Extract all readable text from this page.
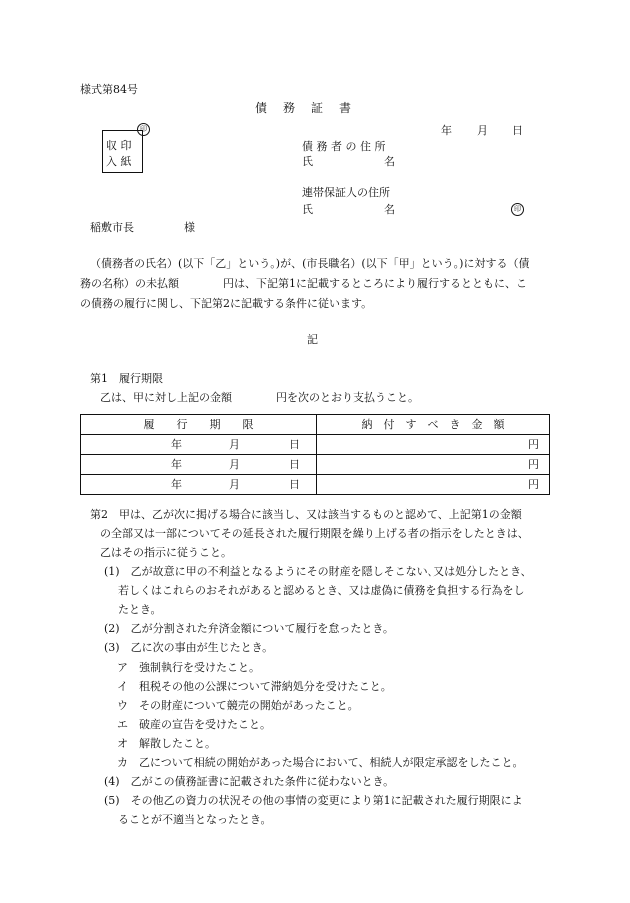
様式第84号
債　務　証　書
印
収 印
入 紙
年 月 日
債 務 者 の 住 所
氏	名
連帯保証人の住所
氏	名	印
稲敷市長	様
（債務者の氏名）(以下「乙」という。)が、(市長職名）(以下「甲」という。)に対する（債
務の名称）の未払額　　　　円は、下記第1に記載するところにより履行するとともに、こ
の債務の履行に関し、下記第2に記載する条件に従います。
記
第1　履行期限
乙は、甲に対し上記の金額　　　　円を次のとおり支払うこと。
履　　行　　期　　限	納　付　す　べ　き　金　額

年 月 日	円

年 月 日	円

年 月 日	円
第2　甲は、乙が次に掲げる場合に該当し、又は該当するものと認めて、上記第1の金額
の全部又は一部についてその延長された履行期限を繰り上げる者の指示をしたときは、
乙はその指示に従うこと。
(1)　乙が故意に甲の不利益となるようにその財産を隠しそこない､又は処分したとき、
若しくはこれらのおそれがあると認めるとき、又は虚偽に債務を負担する行為をし
たとき。
(2)　乙が分割された弁済金額について履行を怠ったとき。
(3)　乙に次の事由が生じたとき。
ア　強制執行を受けたこと。
イ　租税その他の公課について滞納処分を受けたこと。
ウ　その財産について競売の開始があったこと。
エ　破産の宣告を受けたこと。
オ　解散したこと。
カ　乙について相続の開始があった場合において、相続人が限定承認をしたこと。
(4)　乙がこの債務証書に記載された条件に従わないとき。
(5)　その他乙の資力の状況その他の事情の変更により第1に記載された履行期限によ
ることが不適当となったとき。
